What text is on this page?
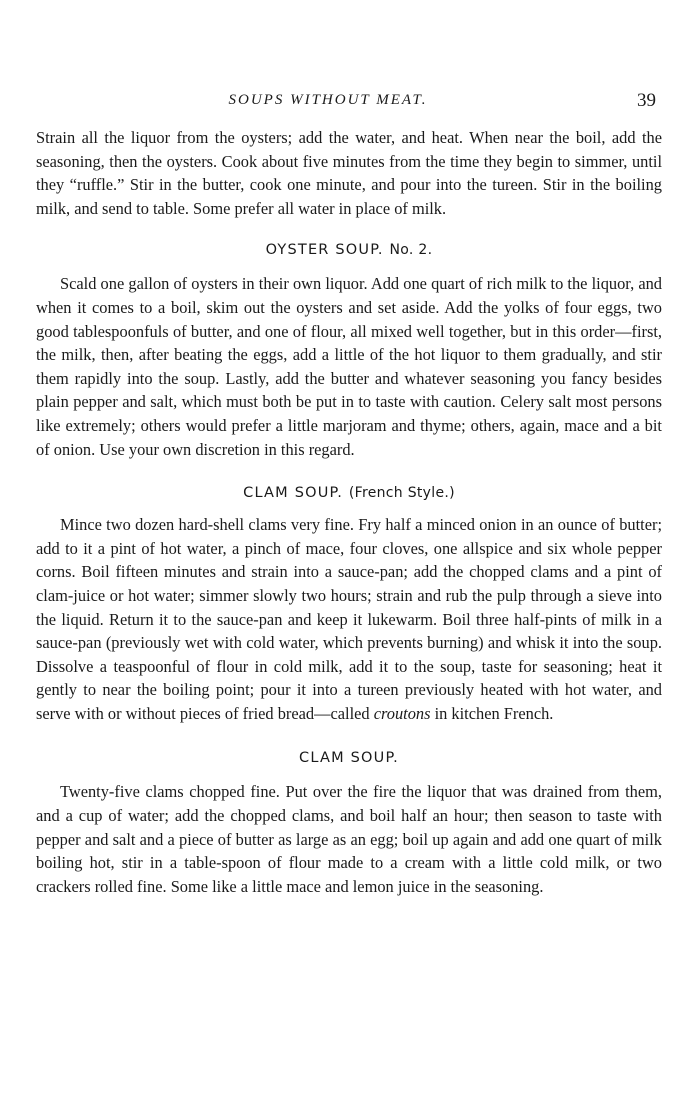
SOUPS WITHOUT MEAT.	39

Strain all the liquor from the oysters; add the water, and heat. When near the boil, add the seasoning, then the oysters. Cook about five minutes from the time they begin to simmer, until they “ruffle.” Stir in the butter, cook one minute, and pour into the tureen. Stir in the boiling milk, and send to table. Some prefer all water in place of milk.

OYSTER SOUP. No. 2.

Scald one gallon of oysters in their own liquor. Add one quart of rich milk to the liquor, and when it comes to a boil, skim out the oysters and set aside. Add the yolks of four eggs, two good tablespoonfuls of butter, and one of flour, all mixed well together, but in this order—first, the milk, then, after beating the eggs, add a little of the hot liquor to them gradually, and stir them rapidly into the soup. Lastly, add the butter and whatever seasoning you fancy besides plain pepper and salt, which must both be put in to taste with caution. Celery salt most persons like extremely; others would prefer a little marjoram and thyme; others, again, mace and a bit of onion. Use your own discretion in this regard.

CLAM SOUP. (French Style.)

Mince two dozen hard-shell clams very fine. Fry half a minced onion in an ounce of butter; add to it a pint of hot water, a pinch of mace, four cloves, one allspice and six whole pepper corns. Boil fifteen minutes and strain into a sauce-pan; add the chopped clams and a pint of clam-juice or hot water; simmer slowly two hours; strain and rub the pulp through a sieve into the liquid. Return it to the sauce-pan and keep it lukewarm. Boil three half-pints of milk in a sauce-pan (previously wet with cold water, which prevents burning) and whisk it into the soup. Dissolve a teaspoonful of flour in cold milk, add it to the soup, taste for seasoning; heat it gently to near the boiling point; pour it into a tureen previously heated with hot water, and serve with or without pieces of fried bread—called croutons in kitchen French.

CLAM SOUP.

Twenty-five clams chopped fine. Put over the fire the liquor that was drained from them, and a cup of water; add the chopped clams, and boil half an hour; then season to taste with pepper and salt and a piece of butter as large as an egg; boil up again and add one quart of milk boiling hot, stir in a table-spoon of flour made to a cream with a little cold milk, or two crackers rolled fine. Some like a little mace and lemon juice in the seasoning.
